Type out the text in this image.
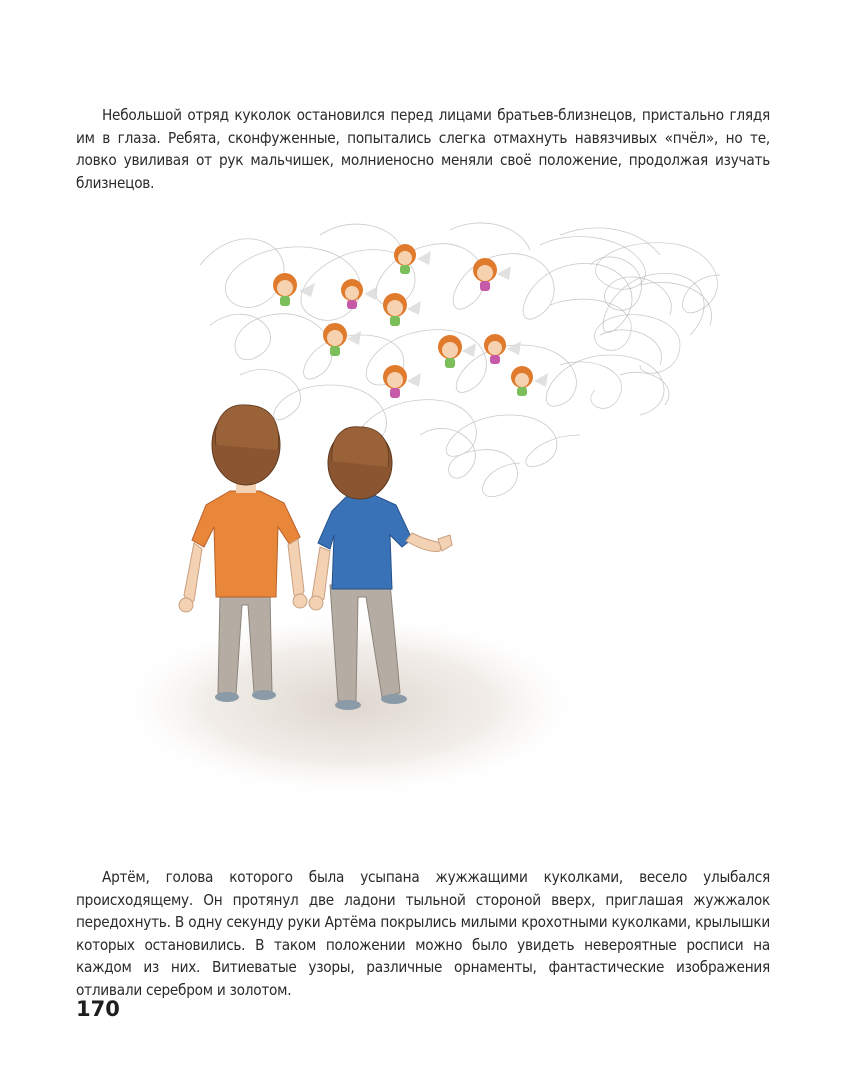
Небольшой отряд куколок остановился перед лицами братьев-близнецов, пристально глядя им в глаза. Ребята, сконфуженные, попытались слегка отмахнуть навязчивых «пчёл», но те, ловко увиливая от рук мальчишек, молниеносно меняли своё положение, продолжая изучать близнецов.

Артём, голова которого была усыпана жужжащими куколками, весело улыбался происходящему. Он протянул две ладони тыльной стороной вверх, приглашая жужжалок передохнуть. В одну секунду руки Артёма покрылись милыми крохотными куколками, крылышки которых остановились. В таком положении можно было увидеть невероятные росписи на каждом из них. Витиеватые узоры, различные орнаменты, фантастические изображения отливали серебром и золотом.

170
